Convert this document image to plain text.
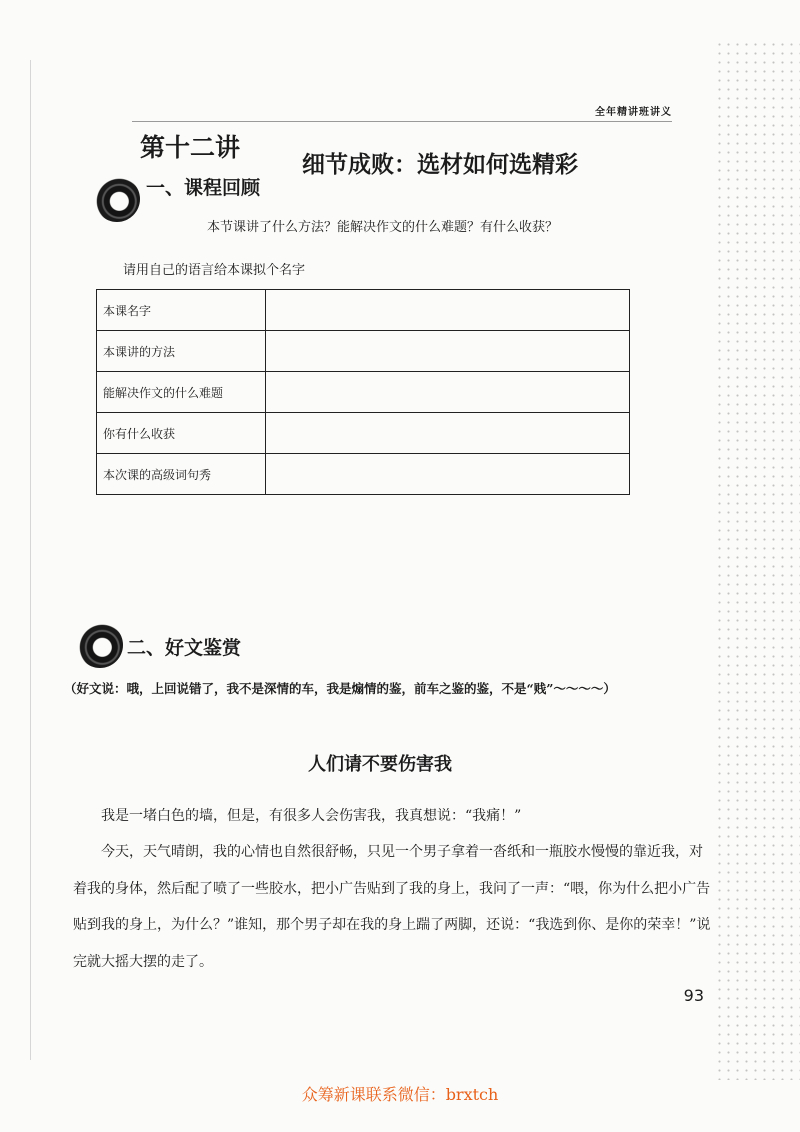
全年精讲班讲义
第十二讲
细节成败：选材如何选精彩
一、课程回顾
本节课讲了什么方法？能解决作文的什么难题？有什么收获？
请用自己的语言给本课拟个名字
本课名字	
本课讲的方法	
能解决作文的什么难题	
你有什么收获	
本次课的高级词句秀	
二、好文鉴赏
（好文说：哦，上回说错了，我不是深情的车，我是煽情的鉴，前车之鉴的鉴，不是“贱”～～～～）
人们请不要伤害我

我是一堵白色的墙，但是，有很多人会伤害我，我真想说：“我痛！”

今天，天气晴朗，我的心情也自然很舒畅，只见一个男子拿着一沓纸和一瓶胶水慢慢的靠近我，对着我的身体，然后配了喷了一些胶水，把小广告贴到了我的身上，我问了一声：“喂，你为什么把小广告贴到我的身上，为什么？”谁知，那个男子却在我的身上踹了两脚，还说：“我选到你、是你的荣幸！”说完就大摇大摆的走了。

93
众筹新课联系微信：brxtch
